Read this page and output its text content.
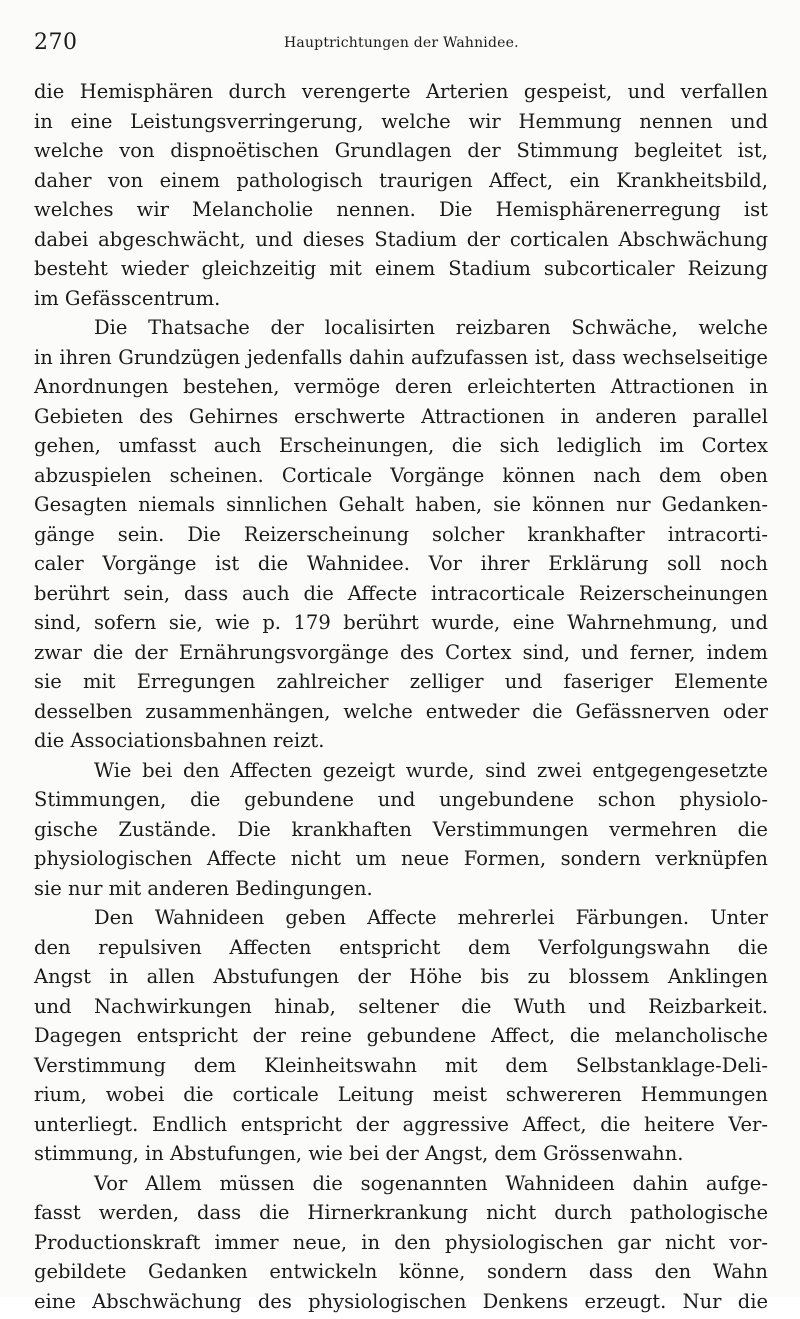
270	Hauptrichtungen der Wahnidee.
die Hemisphären durch verengerte Arterien gespeist, und verfallen
in eine Leistungsverringerung, welche wir Hemmung nennen und
welche von dispnoëtischen Grundlagen der Stimmung begleitet ist,
daher von einem pathologisch traurigen Affect, ein Krankheitsbild,
welches wir Melancholie nennen. Die Hemisphärenerregung ist
dabei abgeschwächt, und dieses Stadium der corticalen Abschwächung
besteht wieder gleichzeitig mit einem Stadium subcorticaler Reizung
im Gefässcentrum.
Die Thatsache der localisirten reizbaren Schwäche, welche
in ihren Grundzügen jedenfalls dahin aufzufassen ist, dass wechselseitige
Anordnungen bestehen, vermöge deren erleichterten Attractionen in
Gebieten des Gehirnes erschwerte Attractionen in anderen parallel
gehen, umfasst auch Erscheinungen, die sich lediglich im Cortex
abzuspielen scheinen. Corticale Vorgänge können nach dem oben
Gesagten niemals sinnlichen Gehalt haben, sie können nur Gedanken-
gänge sein. Die Reizerscheinung solcher krankhafter intracorti-
caler Vorgänge ist die Wahnidee. Vor ihrer Erklärung soll noch
berührt sein, dass auch die Affecte intracorticale Reizerscheinungen
sind, sofern sie, wie p. 179 berührt wurde, eine Wahrnehmung, und
zwar die der Ernährungsvorgänge des Cortex sind, und ferner, indem
sie mit Erregungen zahlreicher zelliger und faseriger Elemente
desselben zusammenhängen, welche entweder die Gefässnerven oder
die Associationsbahnen reizt.
Wie bei den Affecten gezeigt wurde, sind zwei entgegengesetzte
Stimmungen, die gebundene und ungebundene schon physiolo-
gische Zustände. Die krankhaften Verstimmungen vermehren die
physiologischen Affecte nicht um neue Formen, sondern verknüpfen
sie nur mit anderen Bedingungen.
Den Wahnideen geben Affecte mehrerlei Färbungen. Unter
den repulsiven Affecten entspricht dem Verfolgungswahn die
Angst in allen Abstufungen der Höhe bis zu blossem Anklingen
und Nachwirkungen hinab, seltener die Wuth und Reizbarkeit.
Dagegen entspricht der reine gebundene Affect, die melancholische
Verstimmung dem Kleinheitswahn mit dem Selbstanklage-Deli-
rium, wobei die corticale Leitung meist schwereren Hemmungen
unterliegt. Endlich entspricht der aggressive Affect, die heitere Ver-
stimmung, in Abstufungen, wie bei der Angst, dem Grössenwahn.
Vor Allem müssen die sogenannten Wahnideen dahin aufge-
fasst werden, dass die Hirnerkrankung nicht durch pathologische
Productionskraft immer neue, in den physiologischen gar nicht vor-
gebildete Gedanken entwickeln könne, sondern dass den Wahn
eine Abschwächung des physiologischen Denkens erzeugt. Nur die
